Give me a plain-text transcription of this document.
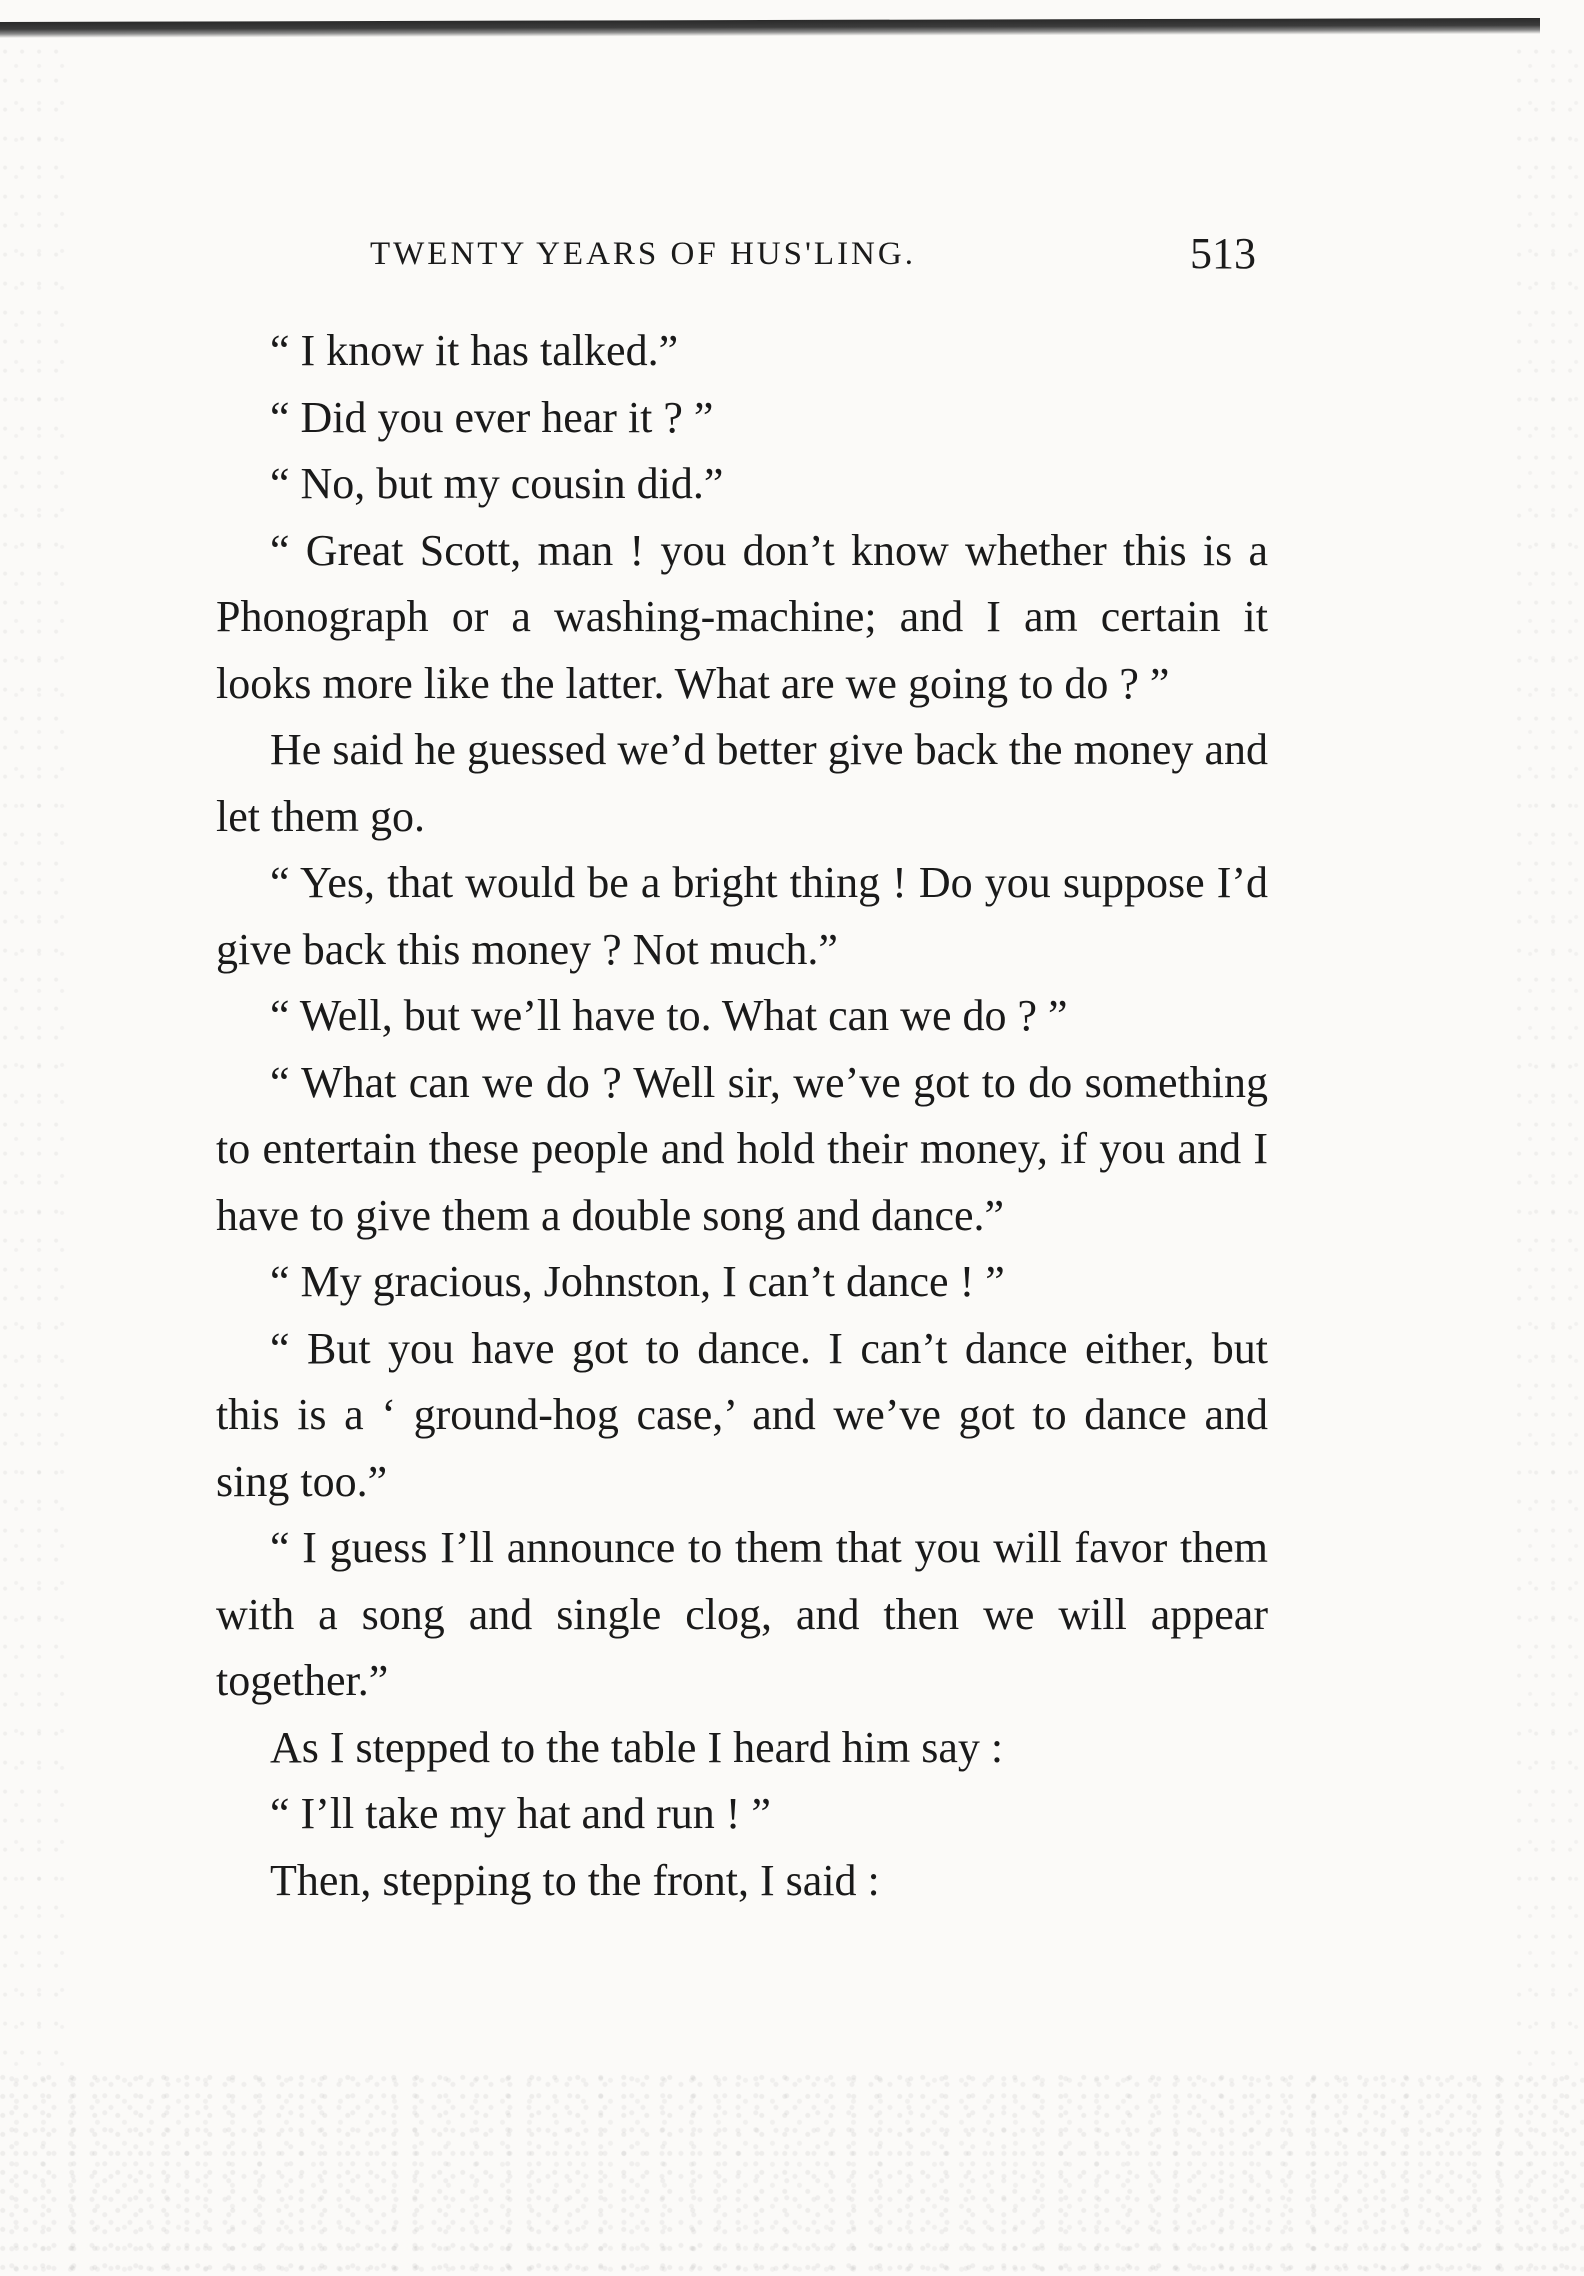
TWENTY YEARS OF HUS'LING.	513

“ I know it has talked.”

“ Did you ever hear it ? ”

“ No, but my cousin did.”

“ Great Scott, man ! you don’t know whether this is a Phonograph or a washing-machine; and I am certain it looks more like the latter. What are we going to do ? ”

He said he guessed we’d better give back the money and let them go.

“ Yes, that would be a bright thing ! Do you suppose I’d give back this money ? Not much.”

“ Well, but we’ll have to. What can we do ? ”

“ What can we do ? Well sir, we’ve got to do something to entertain these people and hold their money, if you and I have to give them a double song and dance.”

“ My gracious, Johnston, I can’t dance ! ”

“ But you have got to dance. I can’t dance either, but this is a ‘ ground-hog case,’ and we’ve got to dance and sing too.”

“ I guess I’ll announce to them that you will favor them with a song and single clog, and then we will appear together.”

As I stepped to the table I heard him say :

“ I’ll take my hat and run ! ”

Then, stepping to the front, I said :
